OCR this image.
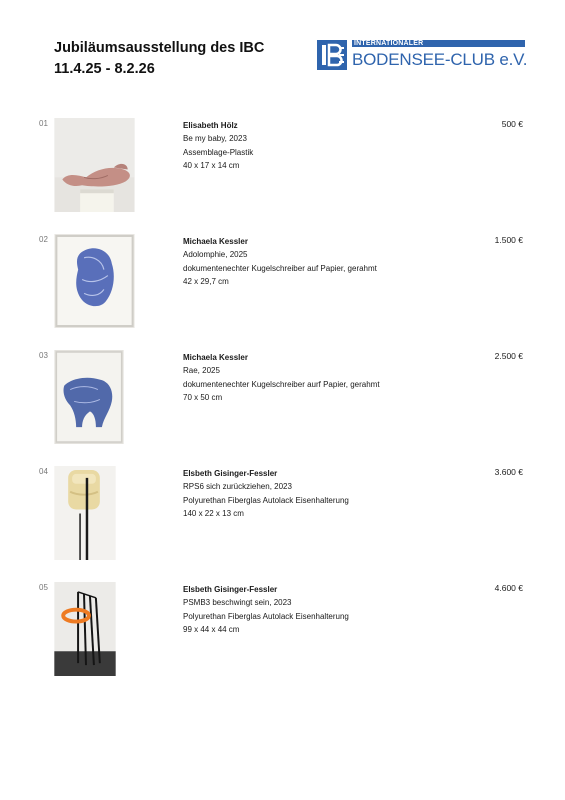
Jubiläumsausstellung des IBC
11.4.25 - 8.2.26
INTERNATIONALER
BODENSEE-CLUB e.V.
01	Elisabeth Hölz
Be my baby, 2023
Assemblage-Plastik
40 x 17 x 14 cm
500 €
02	Michaela Kessler
Adolomphie, 2025
dokumentenechter Kugelschreiber auf Papier, gerahmt
42 x 29,7 cm
1.500 €
03	Michaela Kessler
Rae, 2025
dokumentenechter Kugelschreiber aurf Papier, gerahmt
70 x 50 cm
2.500 €
04	Elsbeth Gisinger-Fessler
RPS6 sich zurückziehen, 2023
Polyurethan Fiberglas Autolack Eisenhalterung
140 x 22 x 13 cm
3.600 €
05	Elsbeth Gisinger-Fessler
PSMB3 beschwingt sein, 2023
Polyurethan Fiberglas Autolack Eisenhalterung
99 x 44 x 44 cm
4.600 €
